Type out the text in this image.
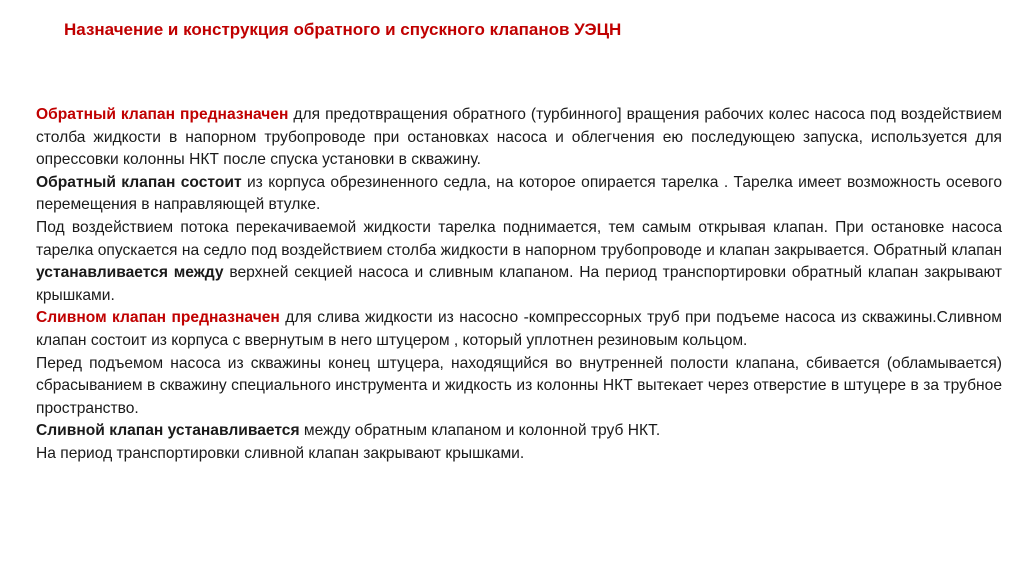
Назначение и конструкция обратного и спускного клапанов УЭЦН

Обратный клапан предназначен для предотвращения обратного (турбинного] вращения рабочих колес насоса под воздействием столба жидкости в напорном трубопроводе при остановках насоса и облегчения ею последующею запуска, используется для опрессовки колонны НКТ после спуска установки в скважину.

Обратный клапан состоит из корпуса обрезиненного седла, на которое опирается тарелка . Тарелка имеет возможность осевого перемещения в направляющей втулке.

Под воздействием потока перекачиваемой жидкости тарелка поднимается, тем самым открывая клапан. При остановке насоса тарелка опускается на седло под воздействием столба жидкости в напорном трубопроводе и клапан закрывается. Обратный клапан устанавливается между верхней секцией насоса и сливным клапаном. На период транспортировки обратный клапан закрывают крышками.

Сливном клапан предназначен для слива жидкости из насосно -компрессорных труб при подъеме насоса из скважины.Сливном клапан состоит из корпуса с ввернутым в него штуцером , который уплотнен резиновым кольцом.

Перед подъемом насоса из скважины конец штуцера, находящийся во внутренней полости клапана, сбивается (обламывается) сбрасыванием в скважину специального инструмента и жидкость из колонны НКТ вытекает через отверстие в штуцере в за трубное пространство.

Сливной клапан устанавливается между обратным клапаном и колонной труб НКТ.

На период транспортировки сливной клапан закрывают крышками.
